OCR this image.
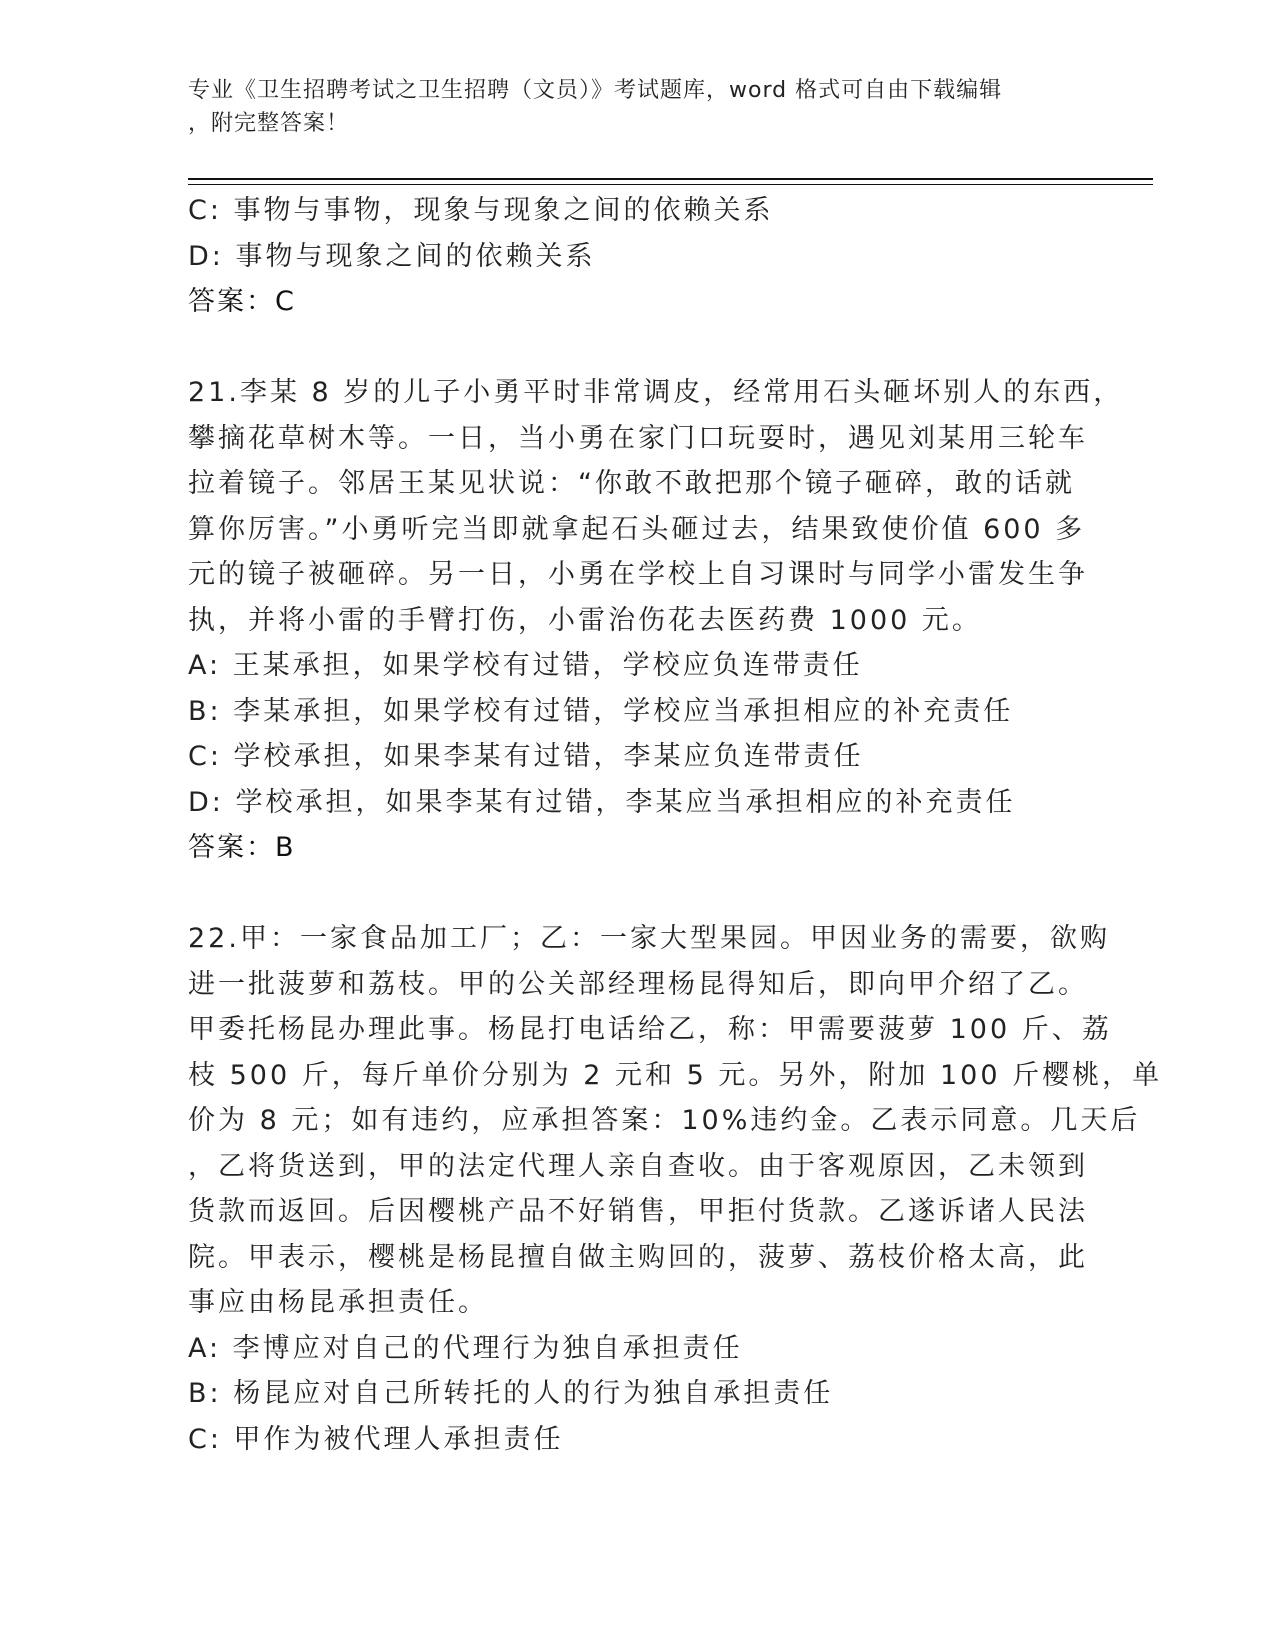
专业《卫生招聘考试之卫生招聘（文员）》考试题库，word 格式可自由下载编辑
，附完整答案！
C: 事物与事物，现象与现象之间的依赖关系
D: 事物与现象之间的依赖关系
答案：C
21.李某 8 岁的儿子小勇平时非常调皮，经常用石头砸坏别人的东西，
攀摘花草树木等。一日，当小勇在家门口玩耍时，遇见刘某用三轮车
拉着镜子。邻居王某见状说：“你敢不敢把那个镜子砸碎，敢的话就
算你厉害。”小勇听完当即就拿起石头砸过去，结果致使价值 600 多
元的镜子被砸碎。另一日，小勇在学校上自习课时与同学小雷发生争
执，并将小雷的手臂打伤，小雷治伤花去医药费 1000 元。
A: 王某承担，如果学校有过错，学校应负连带责任
B: 李某承担，如果学校有过错，学校应当承担相应的补充责任
C: 学校承担，如果李某有过错，李某应负连带责任
D: 学校承担，如果李某有过错，李某应当承担相应的补充责任
答案：B
22.甲：一家食品加工厂；乙：一家大型果园。甲因业务的需要，欲购
进一批菠萝和荔枝。甲的公关部经理杨昆得知后，即向甲介绍了乙。
甲委托杨昆办理此事。杨昆打电话给乙，称：甲需要菠萝 100 斤、荔
枝 500 斤，每斤单价分别为 2 元和 5 元。另外，附加 100 斤樱桃，单
价为 8 元；如有违约，应承担答案：10%违约金。乙表示同意。几天后
，乙将货送到，甲的法定代理人亲自查收。由于客观原因，乙未领到
货款而返回。后因樱桃产品不好销售，甲拒付货款。乙遂诉诸人民法
院。甲表示，樱桃是杨昆擅自做主购回的，菠萝、荔枝价格太高，此
事应由杨昆承担责任。
A: 李博应对自己的代理行为独自承担责任
B: 杨昆应对自己所转托的人的行为独自承担责任
C: 甲作为被代理人承担责任
